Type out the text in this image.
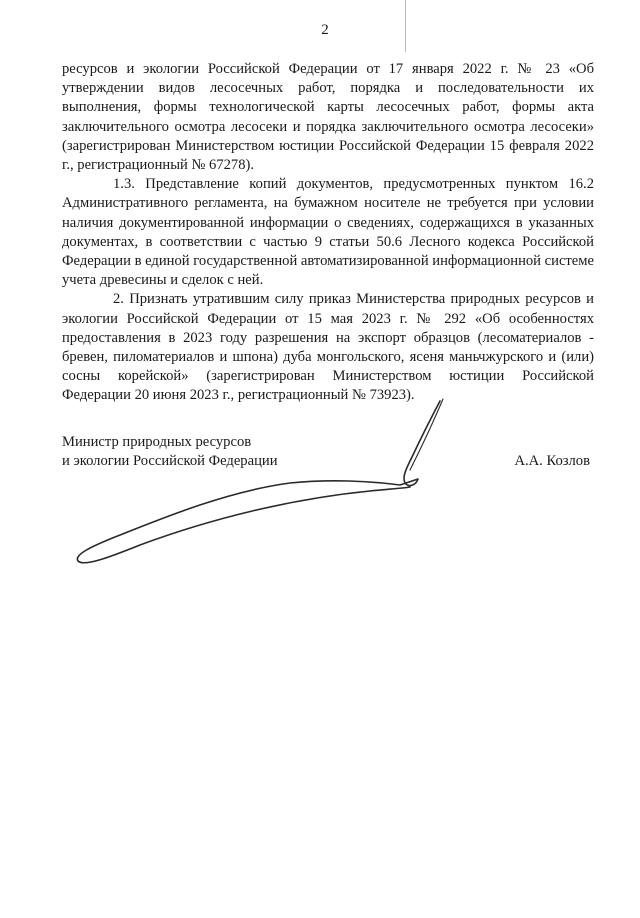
2

ресурсов и экологии Российской Федерации от 17 января 2022 г. № 23 «Об утверждении видов лесосечных работ, порядка и последовательности их выполнения, формы технологической карты лесосечных работ, формы акта заключительного осмотра лесосеки и порядка заключительного осмотра лесосеки» (зарегистрирован Министерством юстиции Российской Федерации 15 февраля 2022 г., регистрационный № 67278).

1.3. Представление копий документов, предусмотренных пунктом 16.2 Административного регламента, на бумажном носителе не требуется при условии наличия документированной информации о сведениях, содержащихся в указанных документах, в соответствии с частью 9 статьи 50.6 Лесного кодекса Российской Федерации в единой государственной автоматизированной информационной системе учета древесины и сделок с ней.

2. Признать утратившим силу приказ Министерства природных ресурсов и экологии Российской Федерации от 15 мая 2023 г. № 292 «Об особенностях предоставления в 2023 году разрешения на экспорт образцов (лесоматериалов - бревен, пиломатериалов и шпона) дуба монгольского, ясеня маньчжурского и (или) сосны корейской» (зарегистрирован Министерством юстиции Российской Федерации 20 июня 2023 г., регистрационный № 73923).

Министр природных ресурсов
и экологии Российской Федерации	А.А. Козлов
